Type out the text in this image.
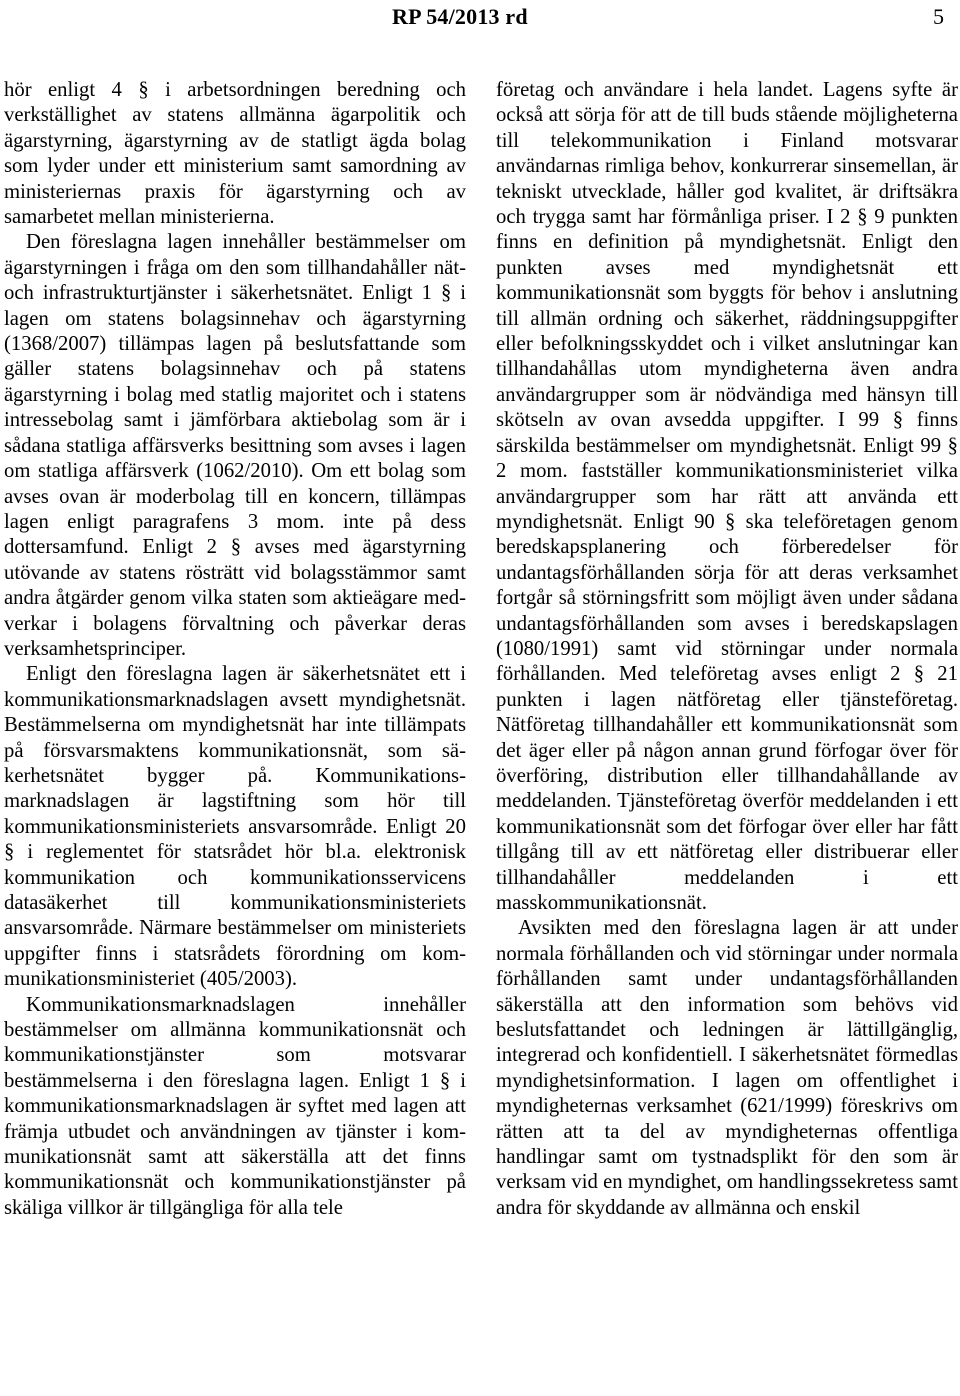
RP 54/2013 rd	5

hör enligt 4 § i arbetsordningen beredning och verkställighet av statens allmänna ägarpolitik och ägarstyrning, ägarstyrning av de statligt ägda bolag som lyder under ett ministerium samt samordning av ministeriernas praxis för ägarstyrning och av samarbetet mellan ministerierna.

Den föreslagna lagen innehåller bestämmelser om ägarstyrningen i fråga om den som tillhandahåller nät- och infrastrukturtjänster i säkerhetsnätet. Enligt 1 § i lagen om statens bolagsinnehav och ägarstyrning (1368/2007) tillämpas lagen på beslutsfattande som gäller statens bolagsinnehav och på statens ägarstyrning i bolag med statlig majoritet och i statens intressebolag samt i jämförbara aktiebolag som är i sådana statliga affärsverks besittning som avses i lagen om statliga affärsverk (1062/2010). Om ett bolag som avses ovan är moderbolag till en koncern, tillämpas lagen enligt paragrafens 3 mom. inte på dess dottersamfund. Enligt 2 § avses med ägarstyrning utövande av statens rösträtt vid bolagsstämmor samt andra åtgärder genom vilka staten som aktieägare medverkar i bolagens förvaltning och påverkar deras verksamhetsprinciper.

Enligt den föreslagna lagen är säkerhetsnätet ett i kommunikationsmarknadslagen avsett myndighetsnät. Bestämmelserna om myndighetsnät har inte tillämpats på försvarsmaktens kommunikationsnät, som säkerhetsnätet bygger på. Kommunikationsmarknadslagen är lagstiftning som hör till kommunikationsministeriets ansvarsområde. Enligt 20 § i reglementet för statsrådet hör bl.a. elektronisk kommunikation och kommunikationsservicens datasäkerhet till kommunikationsministeriets ansvarsområde. Närmare bestämmelser om ministeriets uppgifter finns i statsrådets förordning om kommunikationsministeriet (405/2003).

Kommunikationsmarknadslagen innehåller bestämmelser om allmänna kommunikationsnät och kommunikationstjänster som motsvarar bestämmelserna i den föreslagna lagen. Enligt 1 § i kommunikationsmarknadslagen är syftet med lagen att främja utbudet och användningen av tjänster i kommunikationsnät samt att säkerställa att det finns kommunikationsnät och kommunikationstjänster på skäliga villkor är tillgängliga för alla tele

företag och användare i hela landet. Lagens syfte är också att sörja för att de till buds stående möjligheterna till telekommunikation i Finland motsvarar användarnas rimliga behov, konkurrerar sinsemellan, är tekniskt utvecklade, håller god kvalitet, är driftsäkra och trygga samt har förmånliga priser. I 2 § 9 punkten finns en definition på myndighetsnät. Enligt den punkten avses med myndighetsnät ett kommunikationsnät som byggts för behov i anslutning till allmän ordning och säkerhet, räddningsuppgifter eller befolkningsskyddet och i vilket anslutningar kan tillhandahållas utom myndigheterna även andra användargrupper som är nödvändiga med hänsyn till skötseln av ovan avsedda uppgifter. I 99 § finns särskilda bestämmelser om myndighetsnät. Enligt 99 § 2 mom. fastställer kommunikationsministeriet vilka användargrupper som har rätt att använda ett myndighetsnät. Enligt 90 § ska teleföretagen genom beredskapsplanering och förberedelser för undantagsförhållanden sörja för att deras verksamhet fortgår så störningsfritt som möjligt även under sådana undantagsförhållanden som avses i beredskapslagen (1080/1991) samt vid störningar under normala förhållanden. Med teleföretag avses enligt 2 § 21 punkten i lagen nätföretag eller tjänsteföretag. Nätföretag tillhandahåller ett kommunikationsnät som det äger eller på någon annan grund förfogar över för överföring, distribution eller tillhandahållande av meddelanden. Tjänsteföretag överför meddelanden i ett kommunikationsnät som det förfogar över eller har fått tillgång till av ett nätföretag eller distribuerar eller tillhandahåller meddelanden i ett masskommunikationsnät.

Avsikten med den föreslagna lagen är att under normala förhållanden och vid störningar under normala förhållanden samt under undantagsförhållanden säkerställa att den information som behövs vid beslutsfattandet och ledningen är lättillgänglig, integrerad och konfidentiell. I säkerhetsnätet förmedlas myndighetsinformation. I lagen om offentlighet i myndigheternas verksamhet (621/1999) föreskrivs om rätten att ta del av myndigheternas offentliga handlingar samt om tystnadsplikt för den som är verksam vid en myndighet, om handlingssekretess samt andra för skyddande av allmänna och enskil
